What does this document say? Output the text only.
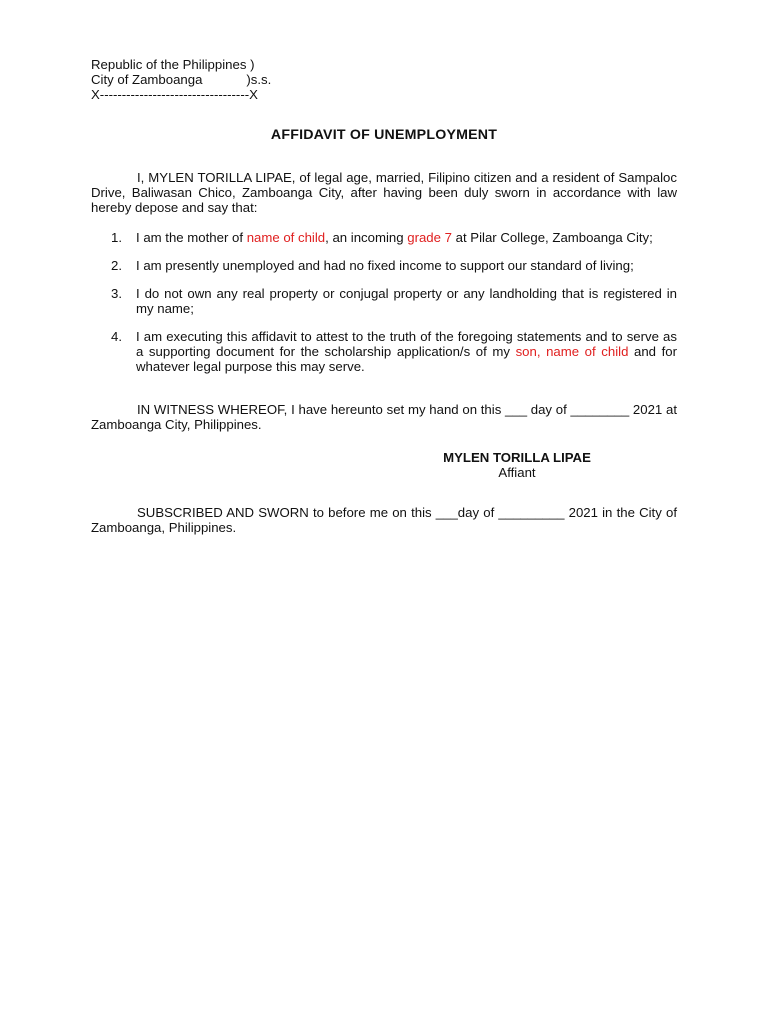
Republic of the Philippines )
City of Zamboanga            )s.s.
X----------------------------------X
AFFIDAVIT OF UNEMPLOYMENT
I, MYLEN TORILLA LIPAE, of legal age, married, Filipino citizen and a resident of Sampaloc Drive, Baliwasan Chico, Zamboanga City, after having been duly sworn in accordance with law hereby depose and say that:
1. I am the mother of name of child, an incoming grade 7 at Pilar College, Zamboanga City;
2. I am presently unemployed and had no fixed income to support our standard of living;
3. I do not own any real property or conjugal property or any landholding that is registered in my name;
4. I am executing this affidavit to attest to the truth of the foregoing statements and to serve as a supporting document for the scholarship application/s of my son, name of child and for whatever legal purpose this may serve.
IN WITNESS WHEREOF, I have hereunto set my hand on this ___ day of ________ 2021 at Zamboanga City, Philippines.
MYLEN TORILLA LIPAE
Affiant
SUBSCRIBED AND SWORN to before me on this ___day of _________ 2021 in the City of Zamboanga, Philippines.
